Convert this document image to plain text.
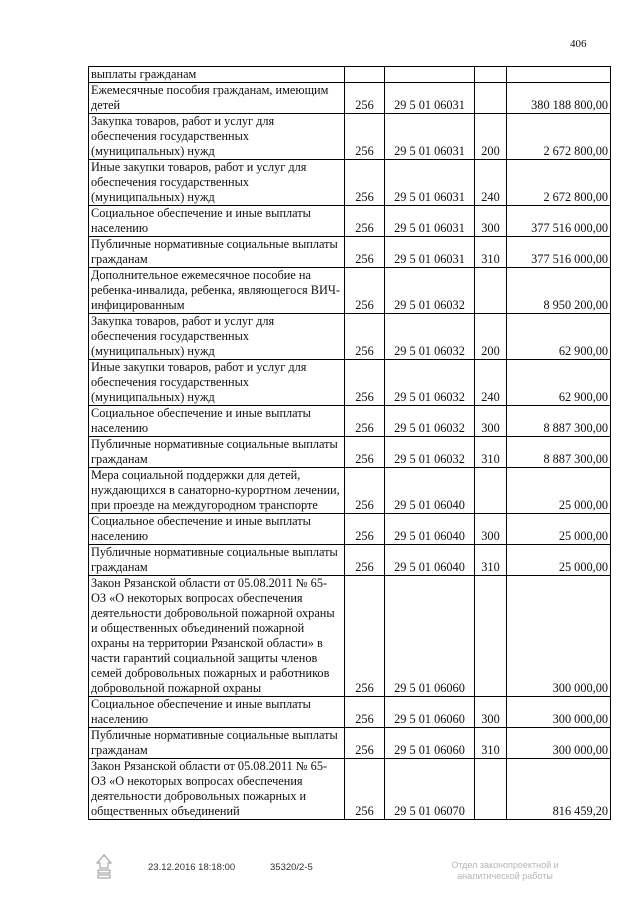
406
выплаты гражданам				
Ежемесячные пособия гражданам, имеющим детей	256	29 5 01 06031		380 188 800,00
Закупка товаров, работ и услуг для обеспечения государственных (муниципальных) нужд	256	29 5 01 06031	200	2 672 800,00
Иные закупки товаров, работ и услуг для обеспечения государственных (муниципальных) нужд	256	29 5 01 06031	240	2 672 800,00
Социальное обеспечение и иные выплаты населению	256	29 5 01 06031	300	377 516 000,00
Публичные нормативные социальные выплаты гражданам	256	29 5 01 06031	310	377 516 000,00
Дополнительное ежемесячное пособие на ребенка-инвалида, ребенка, являющегося ВИЧ-инфицированным	256	29 5 01 06032		8 950 200,00
Закупка товаров, работ и услуг для обеспечения государственных (муниципальных) нужд	256	29 5 01 06032	200	62 900,00
Иные закупки товаров, работ и услуг для обеспечения государственных (муниципальных) нужд	256	29 5 01 06032	240	62 900,00
Социальное обеспечение и иные выплаты населению	256	29 5 01 06032	300	8 887 300,00
Публичные нормативные социальные выплаты гражданам	256	29 5 01 06032	310	8 887 300,00
Мера социальной поддержки для детей, нуждающихся в санаторно-курортном лечении, при проезде на междугородном транспорте	256	29 5 01 06040		25 000,00
Социальное обеспечение и иные выплаты населению	256	29 5 01 06040	300	25 000,00
Публичные нормативные социальные выплаты гражданам	256	29 5 01 06040	310	25 000,00
Закон Рязанской области от 05.08.2011 № 65-ОЗ «О некоторых вопросах обеспечения деятельности добровольной пожарной охраны и общественных объединений пожарной охраны на территории Рязанской области» в части гарантий социальной защиты членов семей добровольных пожарных и работников добровольной пожарной охраны	256	29 5 01 06060		300 000,00
Социальное обеспечение и иные выплаты населению	256	29 5 01 06060	300	300 000,00
Публичные нормативные социальные выплаты гражданам	256	29 5 01 06060	310	300 000,00
Закон Рязанской области от 05.08.2011 № 65-ОЗ «О некоторых вопросах обеспечения деятельности добровольных пожарных и общественных объединений	256	29 5 01 06070		816 459,20
23.12.2016 18:18:00	35320/2-5	Отдел законопроектной и аналитической работы
